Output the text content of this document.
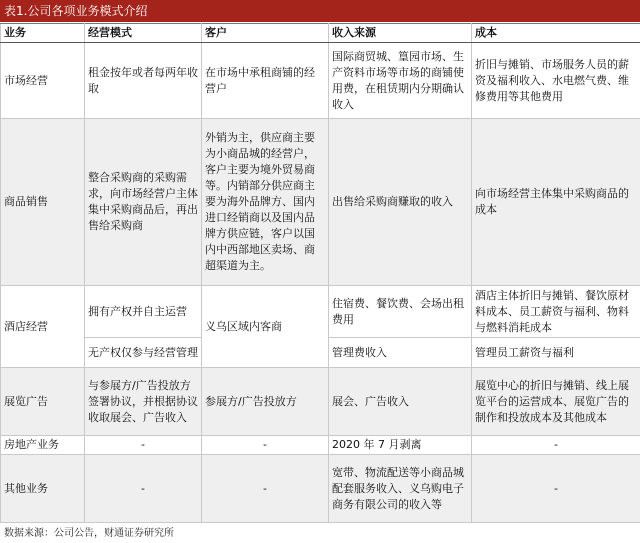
表1.公司各项业务模式介绍
业务	经营模式	客户	收入来源	成本
市场经营	租金按年或者每两年收取	在市场中承租商铺的经营户	国际商贸城、篁园市场、生产资料市场等市场的商铺使用费，在租赁期内分期确认收入	折旧与摊销、市场服务人员的薪资及福利收入、水电燃气费、维修费用等其他费用
商品销售	整合采购商的采购需求，向市场经营户主体集中采购商品后，再出售给采购商	外销为主，供应商主要为小商品城的经营户，客户主要为境外贸易商等。内销部分供应商主要为海外品牌方、国内进口经销商以及国内品牌方供应链，客户以国内中西部地区卖场、商超渠道为主。	出售给采购商赚取的收入	向市场经营主体集中采购商品的成本
酒店经营	拥有产权并自主运营	义乌区域内客商	住宿费、餐饮费、会场出租费用	酒店主体折旧与摊销、餐饮原材料成本、员工薪资与福利、物料与燃料消耗成本
	无产权仅参与经营管理		管理费收入	管理员工薪资与福利
展览广告	与参展方/广告投放方签署协议，并根据协议收取展会、广告收入	参展方/广告投放方	展会、广告收入	展览中心的折旧与摊销、线上展览平台的运营成本、展览广告的制作和投放成本及其他成本
房地产业务	-	-	2020 年 7 月剥离	-
其他业务	-	-	宽带、物流配送等小商品城配套服务收入、义乌购电子商务有限公司的收入等	-
数据来源：公司公告，财通证券研究所
